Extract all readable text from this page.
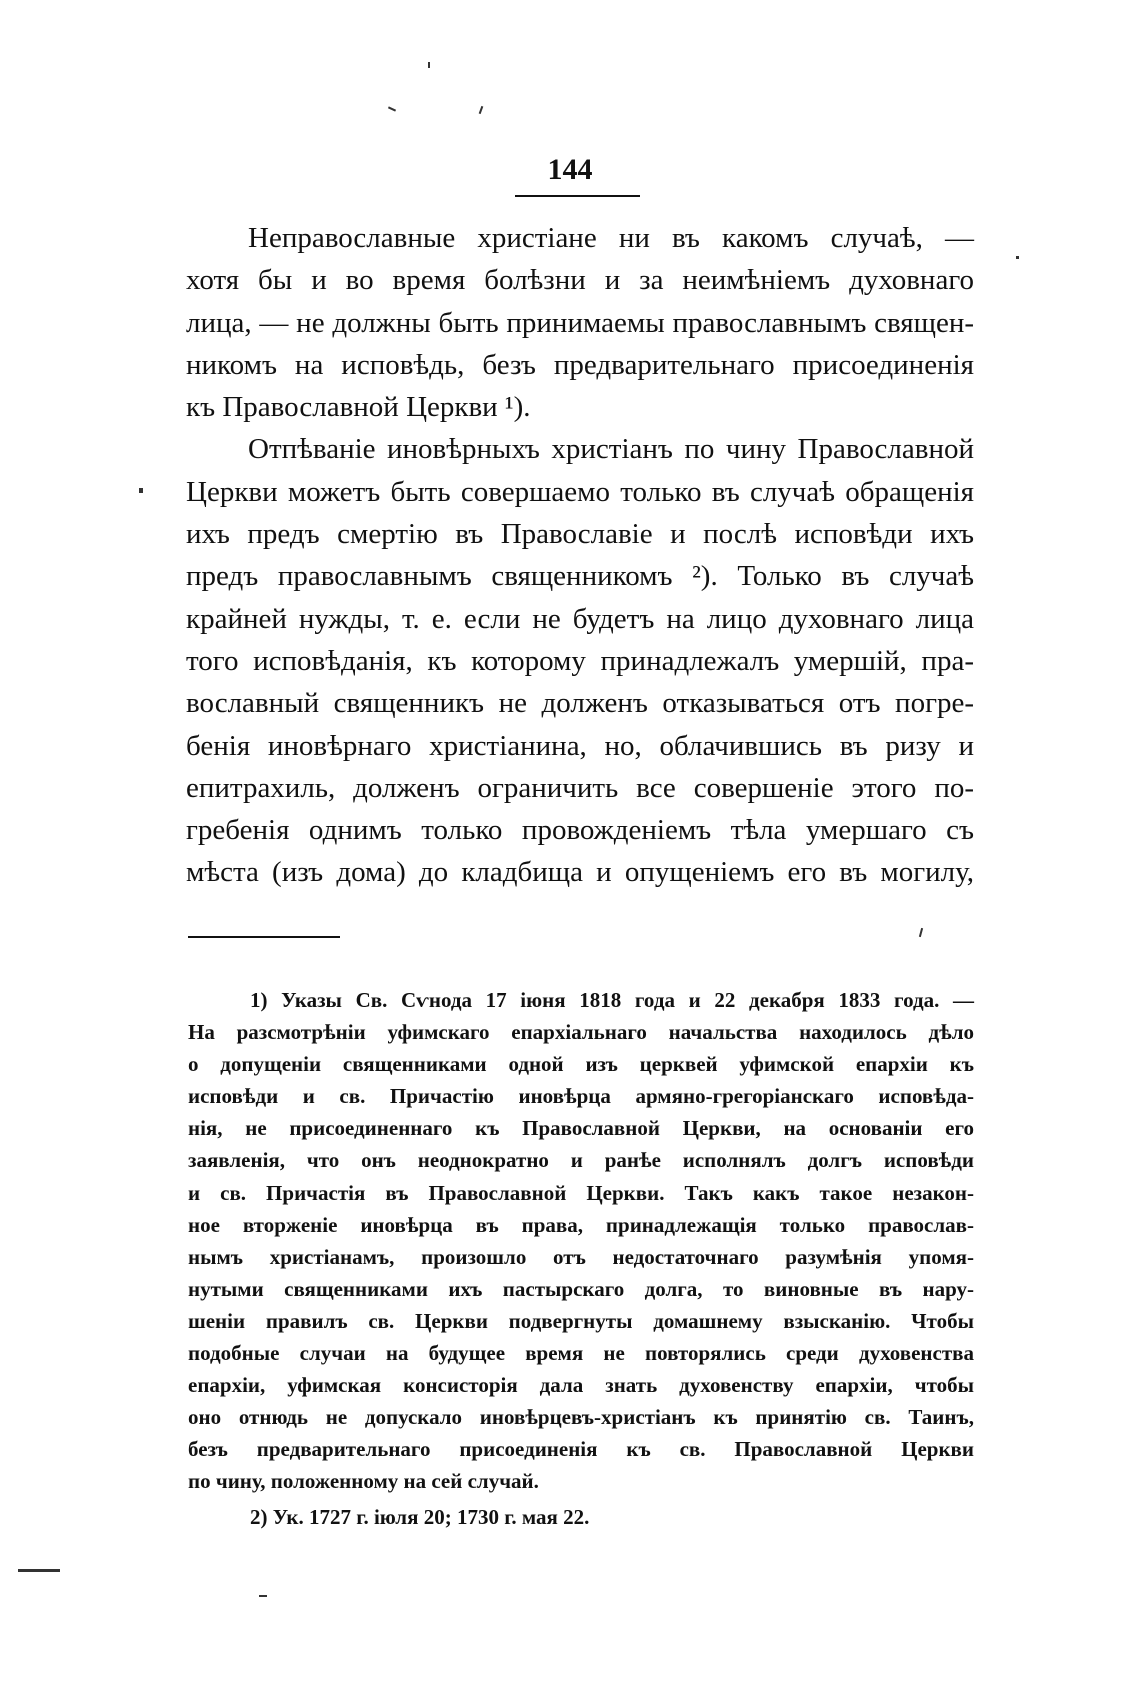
144
Неправославные христіане ни въ какомъ случаѣ, —
хотя бы и во время болѣзни и за неимѣніемъ духовнаго
лица, — не должны быть принимаемы православнымъ священ-
никомъ на исповѣдь, безъ предварительнаго присоединенія
къ Православной Церкви ¹).
Отпѣваніе иновѣрныхъ христіанъ по чину Православной
Церкви можетъ быть совершаемо только въ случаѣ обращенія
ихъ предъ смертію въ Православіе и послѣ исповѣди ихъ
предъ православнымъ священникомъ ²). Только въ случаѣ
крайней нужды, т. е. если не будетъ на лицо духовнаго лица
того исповѣданія, къ которому принадлежалъ умершій, пра-
вославный священникъ не долженъ отказываться отъ погре-
бенія иновѣрнаго христіанина, но, облачившись въ ризу и
епитрахиль, долженъ ограничить все совершеніе этого по-
гребенія однимъ только провожденіемъ тѣла умершаго съ
мѣста (изъ дома) до кладбища и опущеніемъ его въ могилу,
1) Указы Св. Сѵнода 17 іюня 1818 года и 22 декабря 1833 года. —
На разсмотрѣніи уфимскаго епархіальнаго начальства находилось дѣло
о допущеніи священниками одной изъ церквей уфимской епархіи къ
исповѣди и св. Причастію иновѣрца армяно-грегоріанскаго исповѣда-
нія, не присоединеннаго къ Православной Церкви, на основаніи его
заявленія, что онъ неоднократно и ранѣе исполнялъ долгъ исповѣди
и св. Причастія въ Православной Церкви. Такъ какъ такое незакон-
ное вторженіе иновѣрца въ права, принадлежащія только православ-
нымъ христіанамъ, произошло отъ недостаточнаго разумѣнія упомя-
нутыми священниками ихъ пастырскаго долга, то виновные въ нару-
шеніи правилъ св. Церкви подвергнуты домашнему взысканію. Чтобы
подобные случаи на будущее время не повторялись среди духовенства
епархіи, уфимская консисторія дала знать духовенству епархіи, чтобы
оно отнюдь не допускало иновѣрцевъ-христіанъ къ принятію св. Таинъ,
безъ предварительнаго присоединенія къ св. Православной Церкви
по чину, положенному на сей случай.
2) Ук. 1727 г. іюля 20; 1730 г. мая 22.
